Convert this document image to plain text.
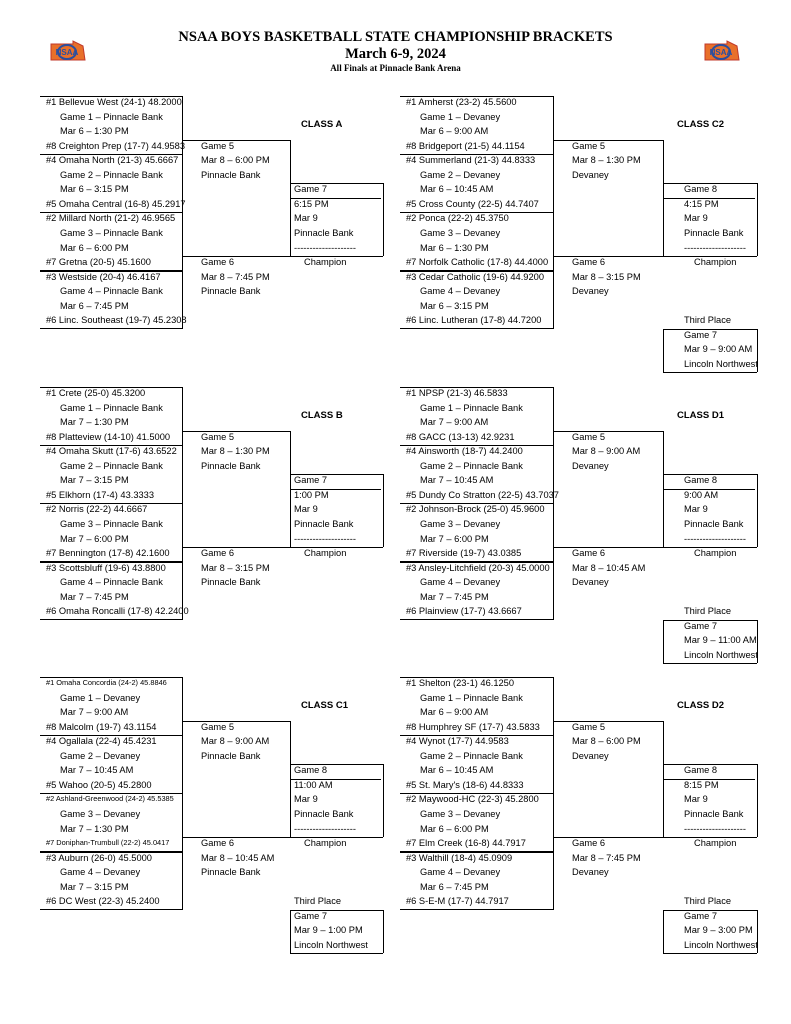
NSAA BOYS BASKETBALL STATE CHAMPIONSHIP BRACKETS
March 6-9, 2024
All Finals at Pinnacle Bank Arena
NSAA	NSAA
CLASS A
#1 Bellevue West (24-1) 48.2000
Game 1 – Pinnacle Bank
Mar 6 – 1:30 PM
#8 Creighton Prep (17-7) 44.9583
#4 Omaha North (21-3) 45.6667
Game 2 – Pinnacle Bank
Mar 6 – 3:15 PM
#5 Omaha Central (16-8) 45.2917
#2 Millard North (21-2) 46.9565
Game 3 – Pinnacle Bank
Mar 6 – 6:00 PM
#7 Gretna (20-5) 45.1600
#3 Westside (20-4) 46.4167
Game 4 – Pinnacle Bank
Mar 6 – 7:45 PM
#6 Linc. Southeast (19-7) 45.2308
Game 5
Mar 8 – 6:00 PM
Pinnacle Bank
Game 6
Mar 8 – 7:45 PM
Pinnacle Bank
Game 7
6:15 PM
Mar 9
Pinnacle Bank
--------------------
Champion
CLASS C2
#1 Amherst (23-2) 45.5600
Game 1 – Devaney
Mar 6 – 9:00 AM
#8 Bridgeport (21-5) 44.1154
#4 Summerland (21-3) 44.8333
Game 2 – Devaney
Mar 6 – 10:45 AM
#5 Cross County (22-5) 44.7407
#2 Ponca (22-2) 45.3750
Game 3 – Devaney
Mar 6 – 1:30 PM
#7 Norfolk Catholic (17-8) 44.4000
#3 Cedar Catholic (19-6) 44.9200
Game 4 – Devaney
Mar 6 – 3:15 PM
#6 Linc. Lutheran (17-8) 44.7200
Game 5
Mar 8 – 1:30 PM
Devaney
Game 6
Mar 8 – 3:15 PM
Devaney
Game 8
4:15 PM
Mar 9
Pinnacle Bank
--------------------
Champion
Third Place
Game 7
Mar 9 – 9:00 AM
Lincoln Northwest
CLASS B
#1 Crete (25-0) 45.3200
Game 1 – Pinnacle Bank
Mar 7 – 1:30 PM
#8 Platteview (14-10) 41.5000
#4 Omaha Skutt (17-6) 43.6522
Game 2 – Pinnacle Bank
Mar 7 – 3:15 PM
#5 Elkhorn (17-4) 43.3333
#2 Norris (22-2) 44.6667
Game 3 – Pinnacle Bank
Mar 7 – 6:00 PM
#7 Bennington (17-8) 42.1600
#3 Scottsbluff (19-6) 43.8800
Game 4 – Pinnacle Bank
Mar 7 – 7:45 PM
#6 Omaha Roncalli (17-8) 42.2400
Game 5
Mar 8 – 1:30 PM
Pinnacle Bank
Game 6
Mar 8 – 3:15 PM
Pinnacle Bank
Game 7
1:00 PM
Mar 9
Pinnacle Bank
--------------------
Champion
CLASS D1
#1 NPSP (21-3) 46.5833
Game 1 – Pinnacle Bank
Mar 7 – 9:00 AM
#8 GACC (13-13) 42.9231
#4 Ainsworth (18-7) 44.2400
Game 2 – Pinnacle Bank
Mar 7 – 10:45 AM
#5 Dundy Co Stratton (22-5) 43.7037
#2 Johnson-Brock (25-0) 45.9600
Game 3 – Devaney
Mar 7 – 6:00 PM
#7 Riverside (19-7) 43.0385
#3 Ansley-Litchfield (20-3) 45.0000
Game 4 – Devaney
Mar 7 – 7:45 PM
#6 Plainview (17-7) 43.6667
Game 5
Mar 8 – 9:00 AM
Devaney
Game 6
Mar 8 – 10:45 AM
Devaney
Game 8
9:00 AM
Mar 9
Pinnacle Bank
--------------------
Champion
Third Place
Game 7
Mar 9 – 11:00 AM
Lincoln Northwest
CLASS C1
#1 Omaha Concordia (24-2) 45.8846
Game 1 – Devaney
Mar 7 – 9:00 AM
#8 Malcolm (19-7) 43.1154
#4 Ogallala (22-4) 45.4231
Game 2 – Devaney
Mar 7 – 10:45 AM
#5 Wahoo (20-5) 45.2800
#2 Ashland-Greenwood (24-2) 45.5385
Game 3 – Devaney
Mar 7 – 1:30 PM
#7 Doniphan-Trumbull (22-2) 45.0417
#3 Auburn (26-0) 45.5000
Game 4 – Devaney
Mar 7 – 3:15 PM
#6 DC West (22-3) 45.2400
Game 5
Mar 8 – 9:00 AM
Pinnacle Bank
Game 6
Mar 8 – 10:45 AM
Pinnacle Bank
Game 8
11:00 AM
Mar 9
Pinnacle Bank
--------------------
Champion
Third Place
Game 7
Mar 9 – 1:00 PM
Lincoln Northwest
CLASS D2
#1 Shelton (23-1) 46.1250
Game 1 – Pinnacle Bank
Mar 6 – 9:00 AM
#8 Humphrey SF (17-7) 43.5833
#4 Wynot (17-7) 44.9583
Game 2 – Pinnacle Bank
Mar 6 – 10:45 AM
#5 St. Mary's (18-6) 44.8333
#2 Maywood-HC (22-3) 45.2800
Game 3 – Devaney
Mar 6 – 6:00 PM
#7 Elm Creek (16-8) 44.7917
#3 Walthill (18-4) 45.0909
Game 4 – Devaney
Mar 6 – 7:45 PM
#6 S-E-M (17-7) 44.7917
Game 5
Mar 8 – 6:00 PM
Devaney
Game 6
Mar 8 – 7:45 PM
Devaney
Game 8
8:15 PM
Mar 9
Pinnacle Bank
--------------------
Champion
Third Place
Game 7
Mar 9 – 3:00 PM
Lincoln Northwest
